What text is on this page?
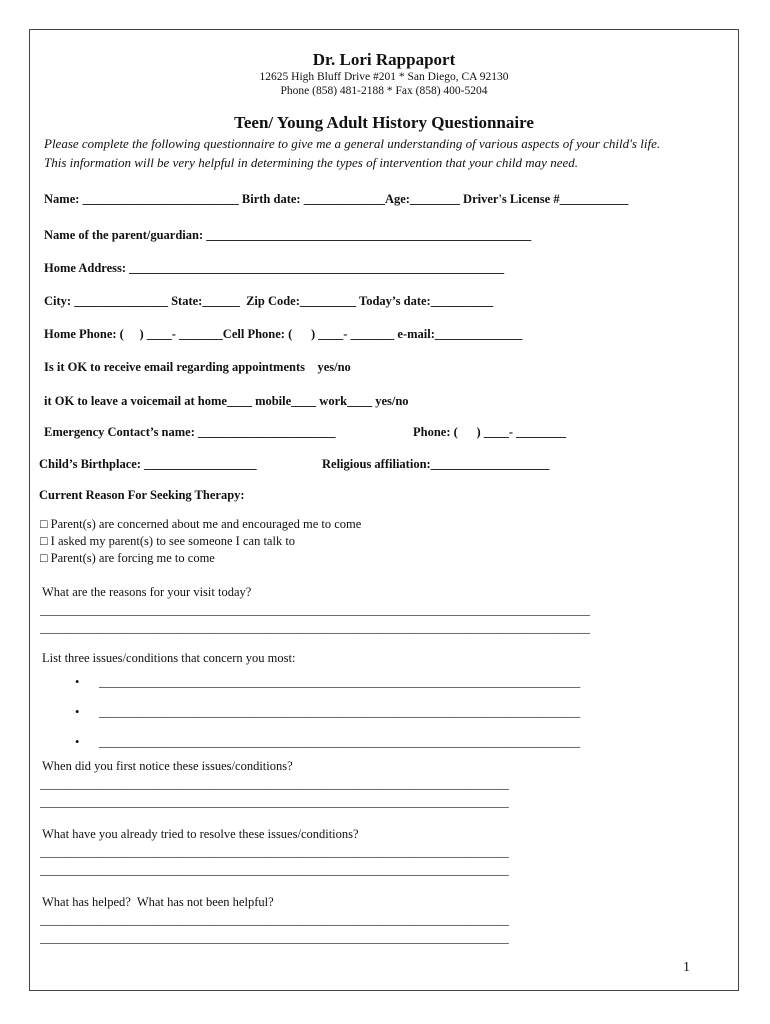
Dr. Lori Rappaport
12625 High Bluff Drive #201 * San Diego, CA 92130
Phone (858) 481-2188 * Fax (858) 400-5204
Teen/ Young Adult History Questionnaire
Please complete the following questionnaire to give me a general understanding of various aspects of your child's life.
This information will be very helpful in determining the types of intervention that your child may need.
Name: _________________________ Birth date: _____________Age:________ Driver's License #___________
Name of the parent/guardian: ____________________________________________________
Home Address: ____________________________________________________________
City: _______________ State:______  Zip Code:_________ Today’s date:__________
Home Phone: (     ) ____- _______Cell Phone: (      ) ____- _______ e-mail:______________
Is it OK to receive email regarding appointments    yes/no
it OK to leave a voicemail at home____ mobile____ work____ yes/no
Emergency Contact’s name: ______________________	Phone: (      ) ____- ________
Child’s Birthplace: __________________	Religious affiliation:___________________
Current Reason For Seeking Therapy:
□ Parent(s) are concerned about me and encouraged me to come
□ I asked my parent(s) to see someone I can talk to
□ Parent(s) are forcing me to come
What are the reasons for your visit today?
________________________________________________________________________________________
________________________________________________________________________________________
List three issues/conditions that concern you most:
• _____________________________________________________________________________
• _____________________________________________________________________________
• _____________________________________________________________________________
When did you first notice these issues/conditions?
___________________________________________________________________________
___________________________________________________________________________
What have you already tried to resolve these issues/conditions?
___________________________________________________________________________
___________________________________________________________________________
What has helped?  What has not been helpful?
___________________________________________________________________________
___________________________________________________________________________
1
